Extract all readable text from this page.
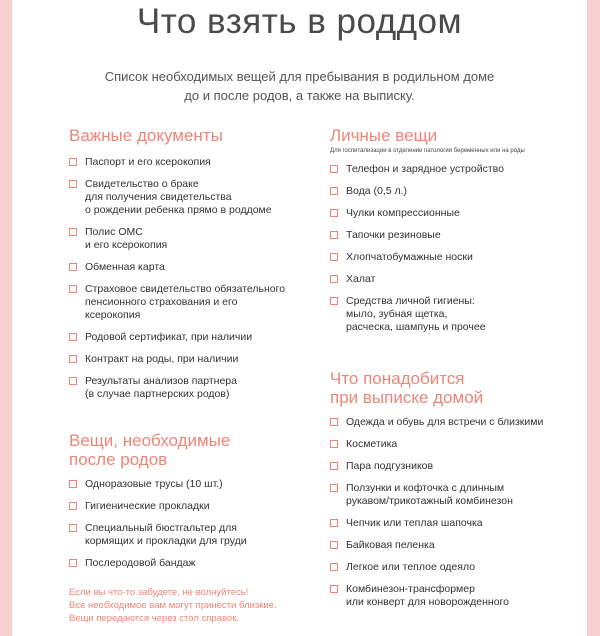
Что взять в роддом
Список необходимых вещей для пребывания в родильном доме
до и после родов, а также на выписку.
Важные документы
Паспорт и его ксерокопия
Свидетельство о браке
для получения свидетельства
о рождении ребенка прямо в роддоме
Полис ОМС
и его ксерокопия
Обменная карта
Страховое свидетельство обязательного
пенсионного страхования и его
ксерокопия
Родовой сертификат, при наличии
Контракт на роды, при наличии
Результаты анализов партнера
(в случае партнерских родов)
Вещи, необходимые
после родов
Одноразовые трусы (10 шт.)
Гигиенические прокладки
Специальный бюстгальтер для
кормящих и прокладки для груди
Послеродовой бандаж
Если вы что-то забудете, не волнуйтесь!
Все необходимое вам могут принести близкие.
Вещи передаются через стол справок.
Личные вещи
Для госпитализации в отделение патологии беременных или на роды
Телефон и зарядное устройство
Вода (0,5 л.)
Чулки компрессионные
Тапочки резиновые
Хлопчатобумажные носки
Халат
Средства личной гигиены:
мыло, зубная щетка,
расческа, шампунь и прочее
Что понадобится
при выписке домой
Одежда и обувь для встречи с близкими
Косметика
Пара подгузников
Ползунки и кофточка с длинным
рукавом/трикотажный комбинезон
Чепчик или теплая шапочка
Байковая пеленка
Легкое или теплое одеяло
Комбинезон-трансформер
или конверт для новорожденного
